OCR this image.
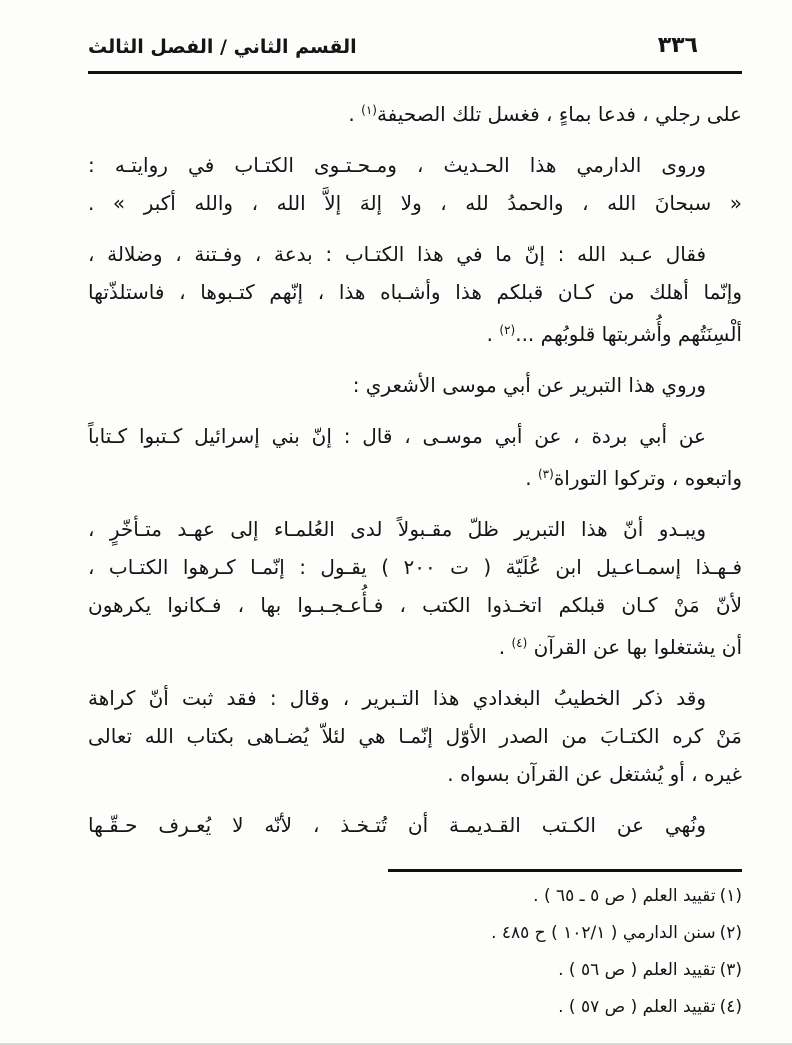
٣٣٦
القسم الثاني / الفصل الثالث
على رجلي ، فدعا بماءٍ ، فغسل تلك الصحيفة$^{(١)}$ .
وروى الدارمي هذا الحـديث ، ومـحـتـوى الكتـاب في روايتـه :
« سبحانَ الله ، والحمدُ لله ، ولا إلهَ إلاَّ الله ، والله أكبر » .
فقال عـبد الله : إنّ ما في هذا الكتـاب : بدعة ، وفـتنة ، وضلالة ،
وإنّما أهلك من كـان قبلكم هذا وأشـباه هذا ، إنّهم كتـبوها ، فاستلذّتها
ألْسِنَتُهم وأُشربتها قلوبُهم ...$^{(٢)}$ .
وروي هذا التبرير عن أبي موسى الأشعري :
عن أبي بردة ، عن أبي موسـى ، قال : إنّ بني إسرائيل كـتبوا كـتاباً
واتبعوه ، وتركوا التوراة$^{(٣)}$ .
ويبـدو أنّ هذا التبرير ظلّ مقـبولاً لدى العُلمـاء إلى عهـد متـأخّرٍ ،
فـهـذا إسمـاعـيل ابن عُلَيّة ( ت ٢٠٠ ) يقـول : إنّمـا كـرهوا الكتـاب ،
لأنّ مَنْ كـان قبلكم اتخـذوا الكتب ، فـأُعـجـبـوا بها ، فـكانوا يكرهون
أن يشتغلوا بها عن القرآن $^{(٤)}$ .
وقد ذكر الخطيبُ البغدادي هذا التـبرير ، وقال : فقد ثبت أنّ كراهة
مَنْ كره الكتـابَ من الصدر الأوّل إنّمـا هي لئلاّ يُضـاهى بكتاب الله تعالى
غيره ، أو يُشتغل عن القرآن بسواه .
ونُهي عن الكـتب القـديمـة أن تُتـخـذ ، لأنّه لا يُعـرف حـقّـها
(١)تقييد العلم ( ص ٥ ـ ٦٥ ) .
(٢)سنن الدارمي ( ١٠٢/١ ) ح ٤٨٥ .
(٣)تقييد العلم ( ص ٥٦ ) .
(٤)تقييد العلم ( ص ٥٧ ) .
